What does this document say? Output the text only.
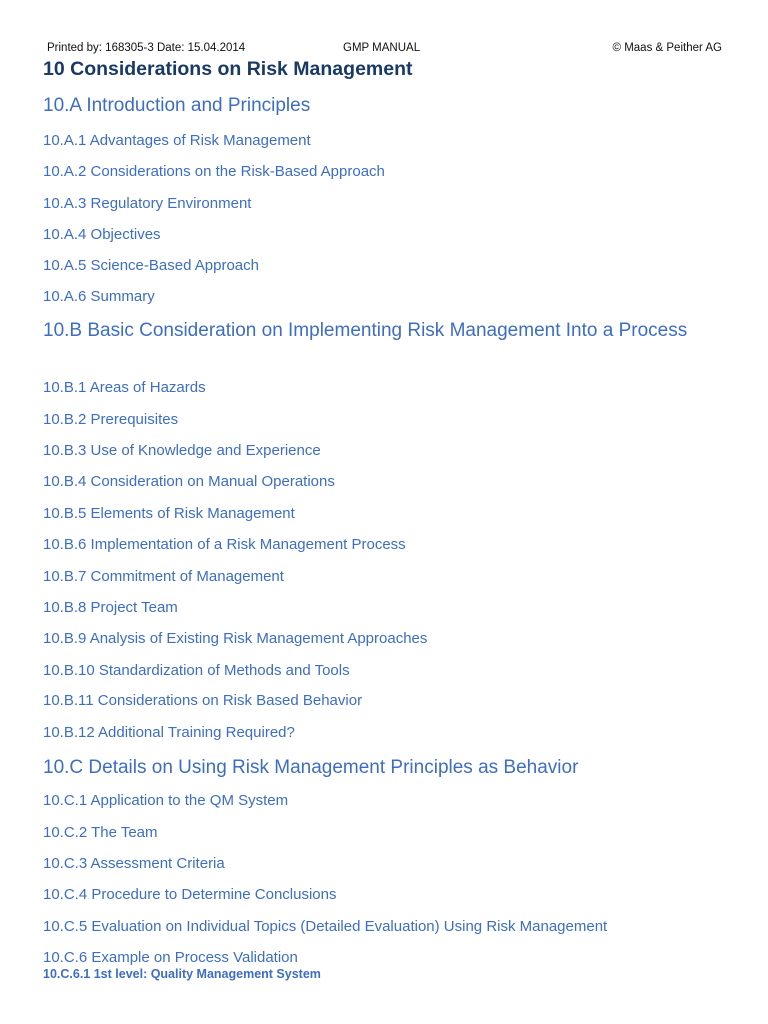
Printed by: 168305-3 Date: 15.04.2014	GMP MANUAL	© Maas & Peither AG
10 Considerations on Risk Management
10.A Introduction and Principles
10.A.1 Advantages of Risk Management
10.A.2 Considerations on the Risk-Based Approach
10.A.3 Regulatory Environment
10.A.4 Objectives
10.A.5 Science-Based Approach
10.A.6 Summary
10.B Basic Consideration on Implementing Risk Management Into a Process
10.B.1 Areas of Hazards
10.B.2 Prerequisites
10.B.3 Use of Knowledge and Experience
10.B.4 Consideration on Manual Operations
10.B.5 Elements of Risk Management
10.B.6 Implementation of a Risk Management Process
10.B.7 Commitment of Management
10.B.8 Project Team
10.B.9 Analysis of Existing Risk Management Approaches
10.B.10 Standardization of Methods and Tools
10.B.11 Considerations on Risk Based Behavior
10.B.12 Additional Training Required?
10.C Details on Using Risk Management Principles as Behavior
10.C.1 Application to the QM System
10.C.2 The Team
10.C.3 Assessment Criteria
10.C.4 Procedure to Determine Conclusions
10.C.5 Evaluation on Individual Topics (Detailed Evaluation) Using Risk Management
10.C.6 Example on Process Validation
10.C.6.1 1st level: Quality Management System
